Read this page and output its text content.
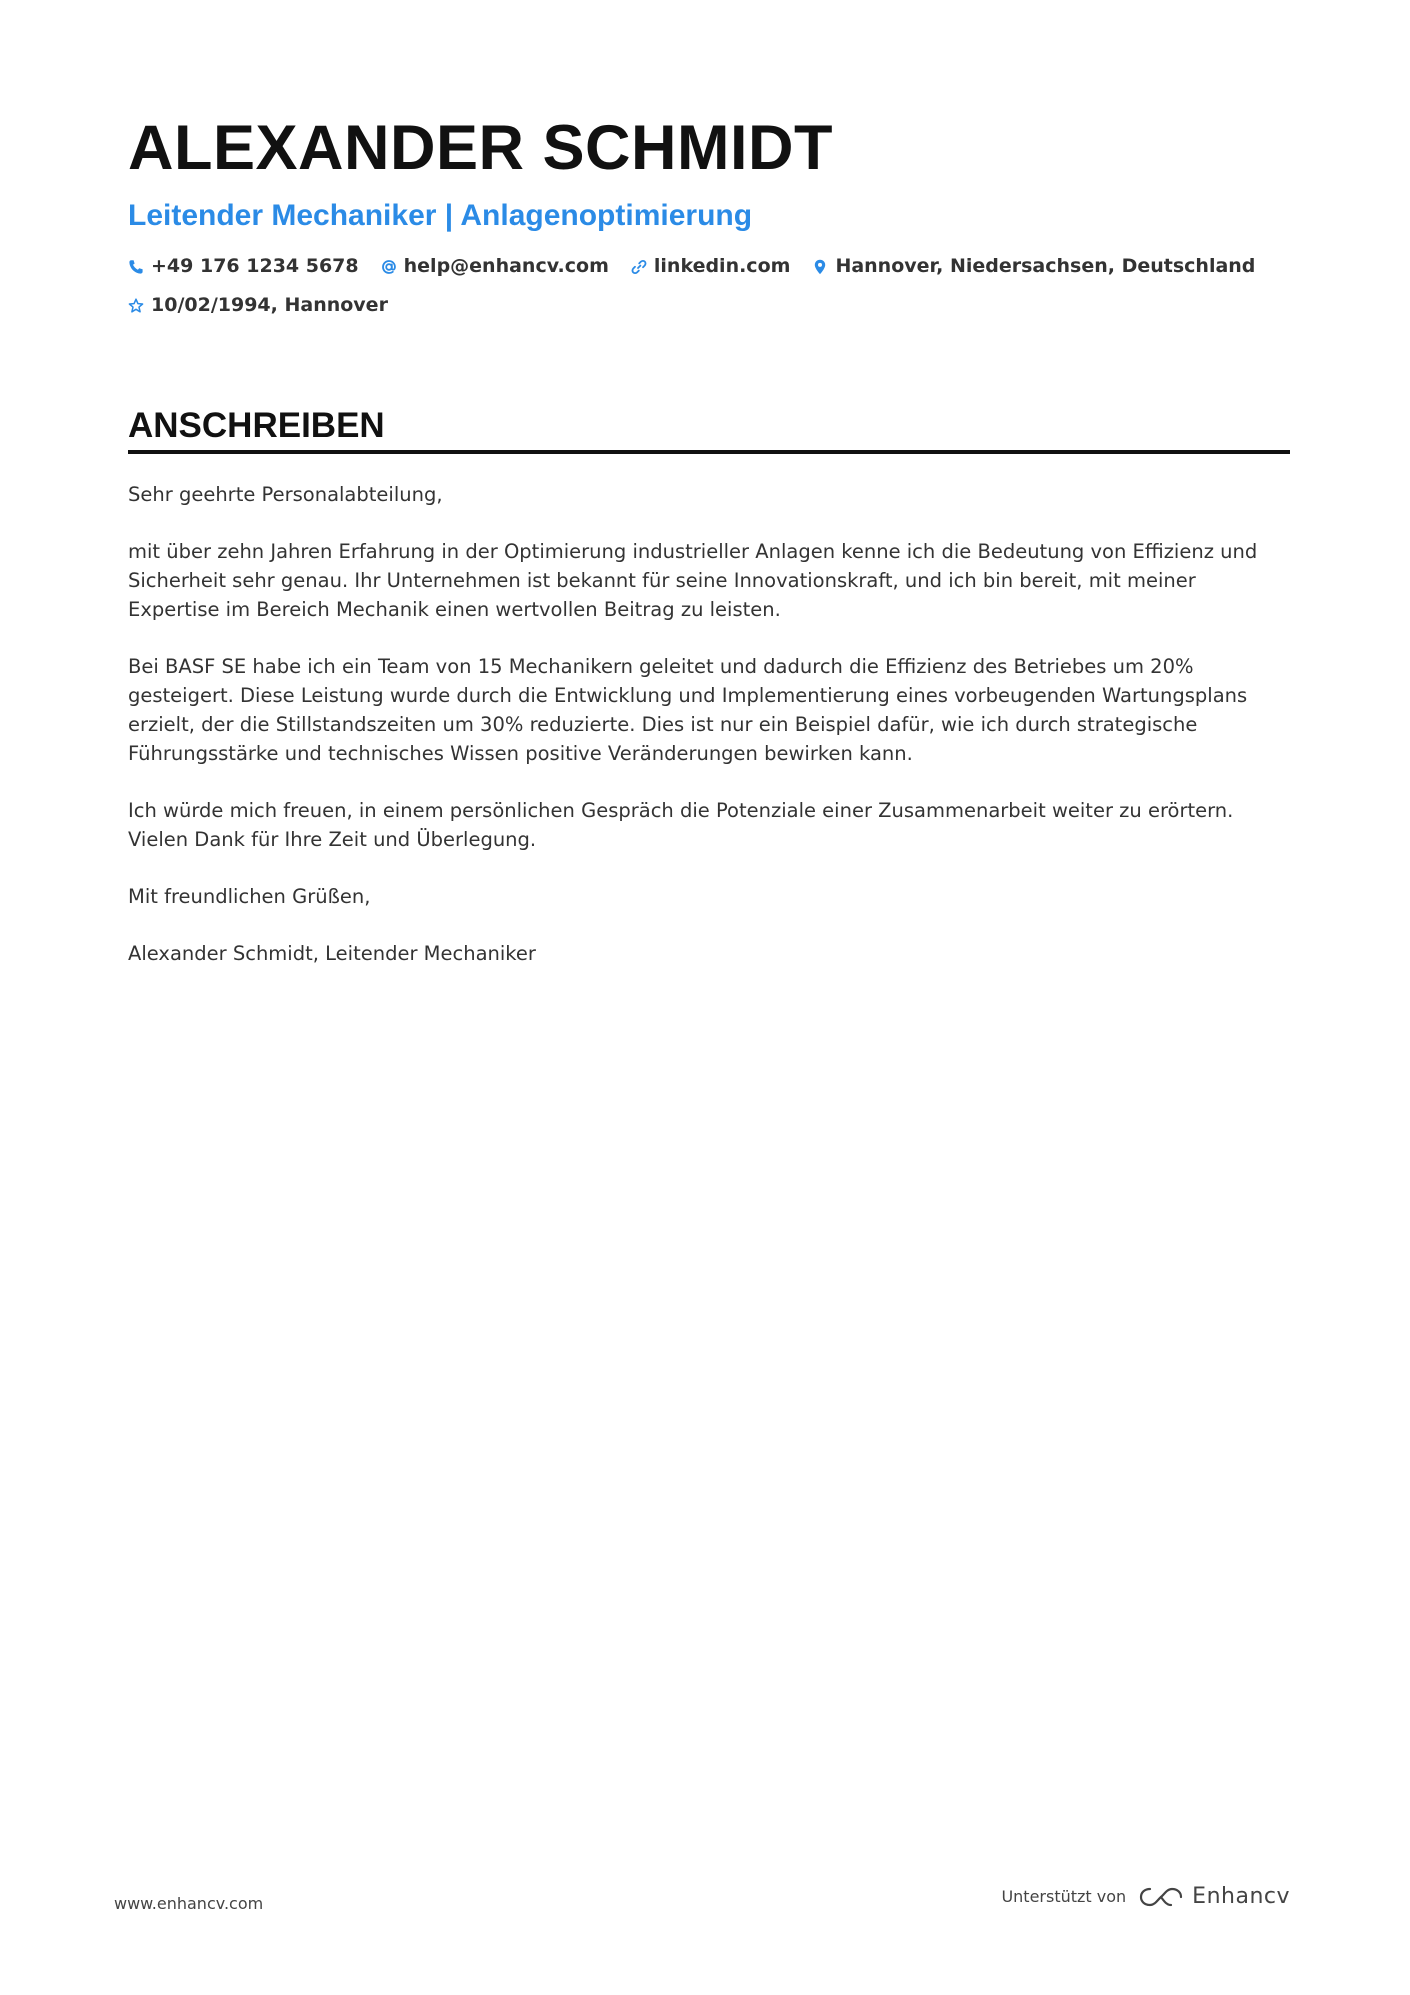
ALEXANDER SCHMIDT
Leitender Mechaniker | Anlagenoptimierung
+49 176 1234 5678 help@enhancv.com linkedin.com Hannover, Niedersachsen, Deutschland
10/02/1994, Hannover
ANSCHREIBEN

Sehr geehrte Personalabteilung,

mit über zehn Jahren Erfahrung in der Optimierung industrieller Anlagen kenne ich die Bedeutung von Effizienz und Sicherheit sehr genau. Ihr Unternehmen ist bekannt für seine Innovationskraft, und ich bin bereit, mit meiner Expertise im Bereich Mechanik einen wertvollen Beitrag zu leisten.

Bei BASF SE habe ich ein Team von 15 Mechanikern geleitet und dadurch die Effizienz des Betriebes um 20% gesteigert. Diese Leistung wurde durch die Entwicklung und Implementierung eines vorbeugenden Wartungsplans erzielt, der die Stillstandszeiten um 30% reduzierte. Dies ist nur ein Beispiel dafür, wie ich durch strategische Führungsstärke und technisches Wissen positive Veränderungen bewirken kann.

Ich würde mich freuen, in einem persönlichen Gespräch die Potenziale einer Zusammenarbeit weiter zu erörtern. Vielen Dank für Ihre Zeit und Überlegung.

Mit freundlichen Grüßen,

Alexander Schmidt, Leitender Mechaniker

www.enhancv.com	Unterstützt von	Enhancv
